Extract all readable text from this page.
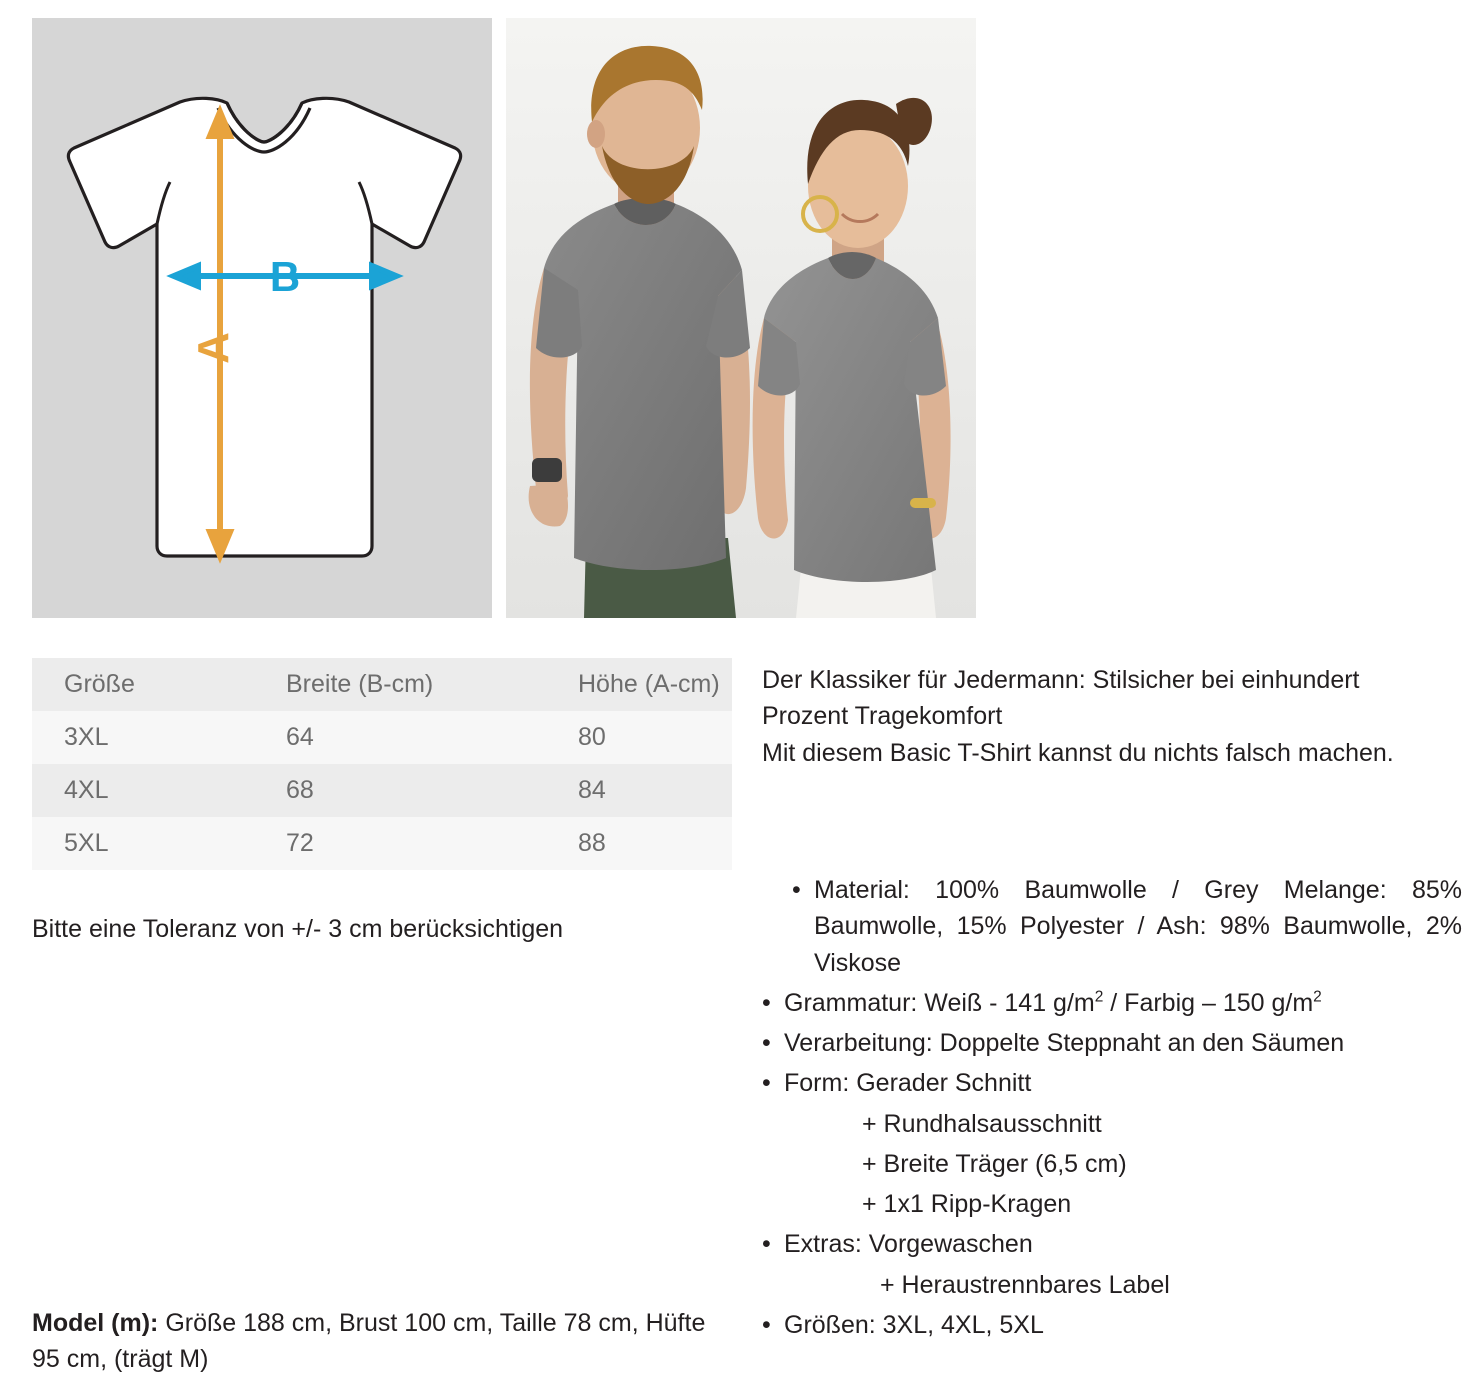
A
B
Größe	Breite (B-cm)	Höhe (A-cm)
3XL	64	80
4XL	68	84
5XL	72	88
Bitte eine Toleranz von +/- 3 cm berücksichtigen
Model (m): Größe 188 cm, Brust 100 cm, Taille 78 cm, Hüfte 95 cm, (trägt M)

Der Klassiker für Jedermann: Stilsicher bei einhundert Prozent Tragekomfort

Mit diesem Basic T-Shirt kannst du nichts falsch machen.

• Material: 100% Baumwolle / Grey Melange: 85% Baumwolle, 15% Polyester / Ash: 98% Baumwolle, 2% Viskose
• Grammatur: Weiß - 141 $g/m^2$ / Farbig – 150 $g/m^2$
• Verarbeitung: Doppelte Steppnaht an den Säumen
• Form: Gerader Schnitt
+ Rundhalsausschnitt
+ Breite Träger (6,5 cm)
+ 1x1 Ripp-Kragen
• Extras: Vorgewaschen
+ Heraustrennbares Label
• Größen: 3XL, 4XL, 5XL
